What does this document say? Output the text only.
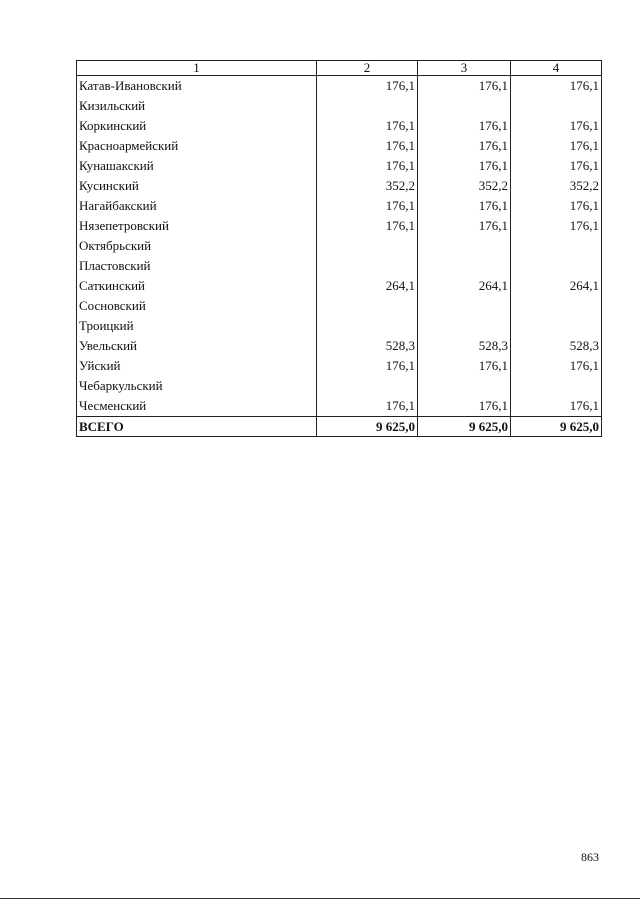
1	2	3	4
Катав-Ивановский	176,1	176,1	176,1
Кизильский			
Коркинский	176,1	176,1	176,1
Красноармейский	176,1	176,1	176,1
Кунашакский	176,1	176,1	176,1
Кусинский	352,2	352,2	352,2
Нагайбакский	176,1	176,1	176,1
Нязепетровский	176,1	176,1	176,1
Октябрьский			
Пластовский			
Саткинский	264,1	264,1	264,1
Сосновский			
Троицкий			
Увельский	528,3	528,3	528,3
Уйский	176,1	176,1	176,1
Чебаркульский			
Чесменский	176,1	176,1	176,1
ВСЕГО	9 625,0	9 625,0	9 625,0
863
